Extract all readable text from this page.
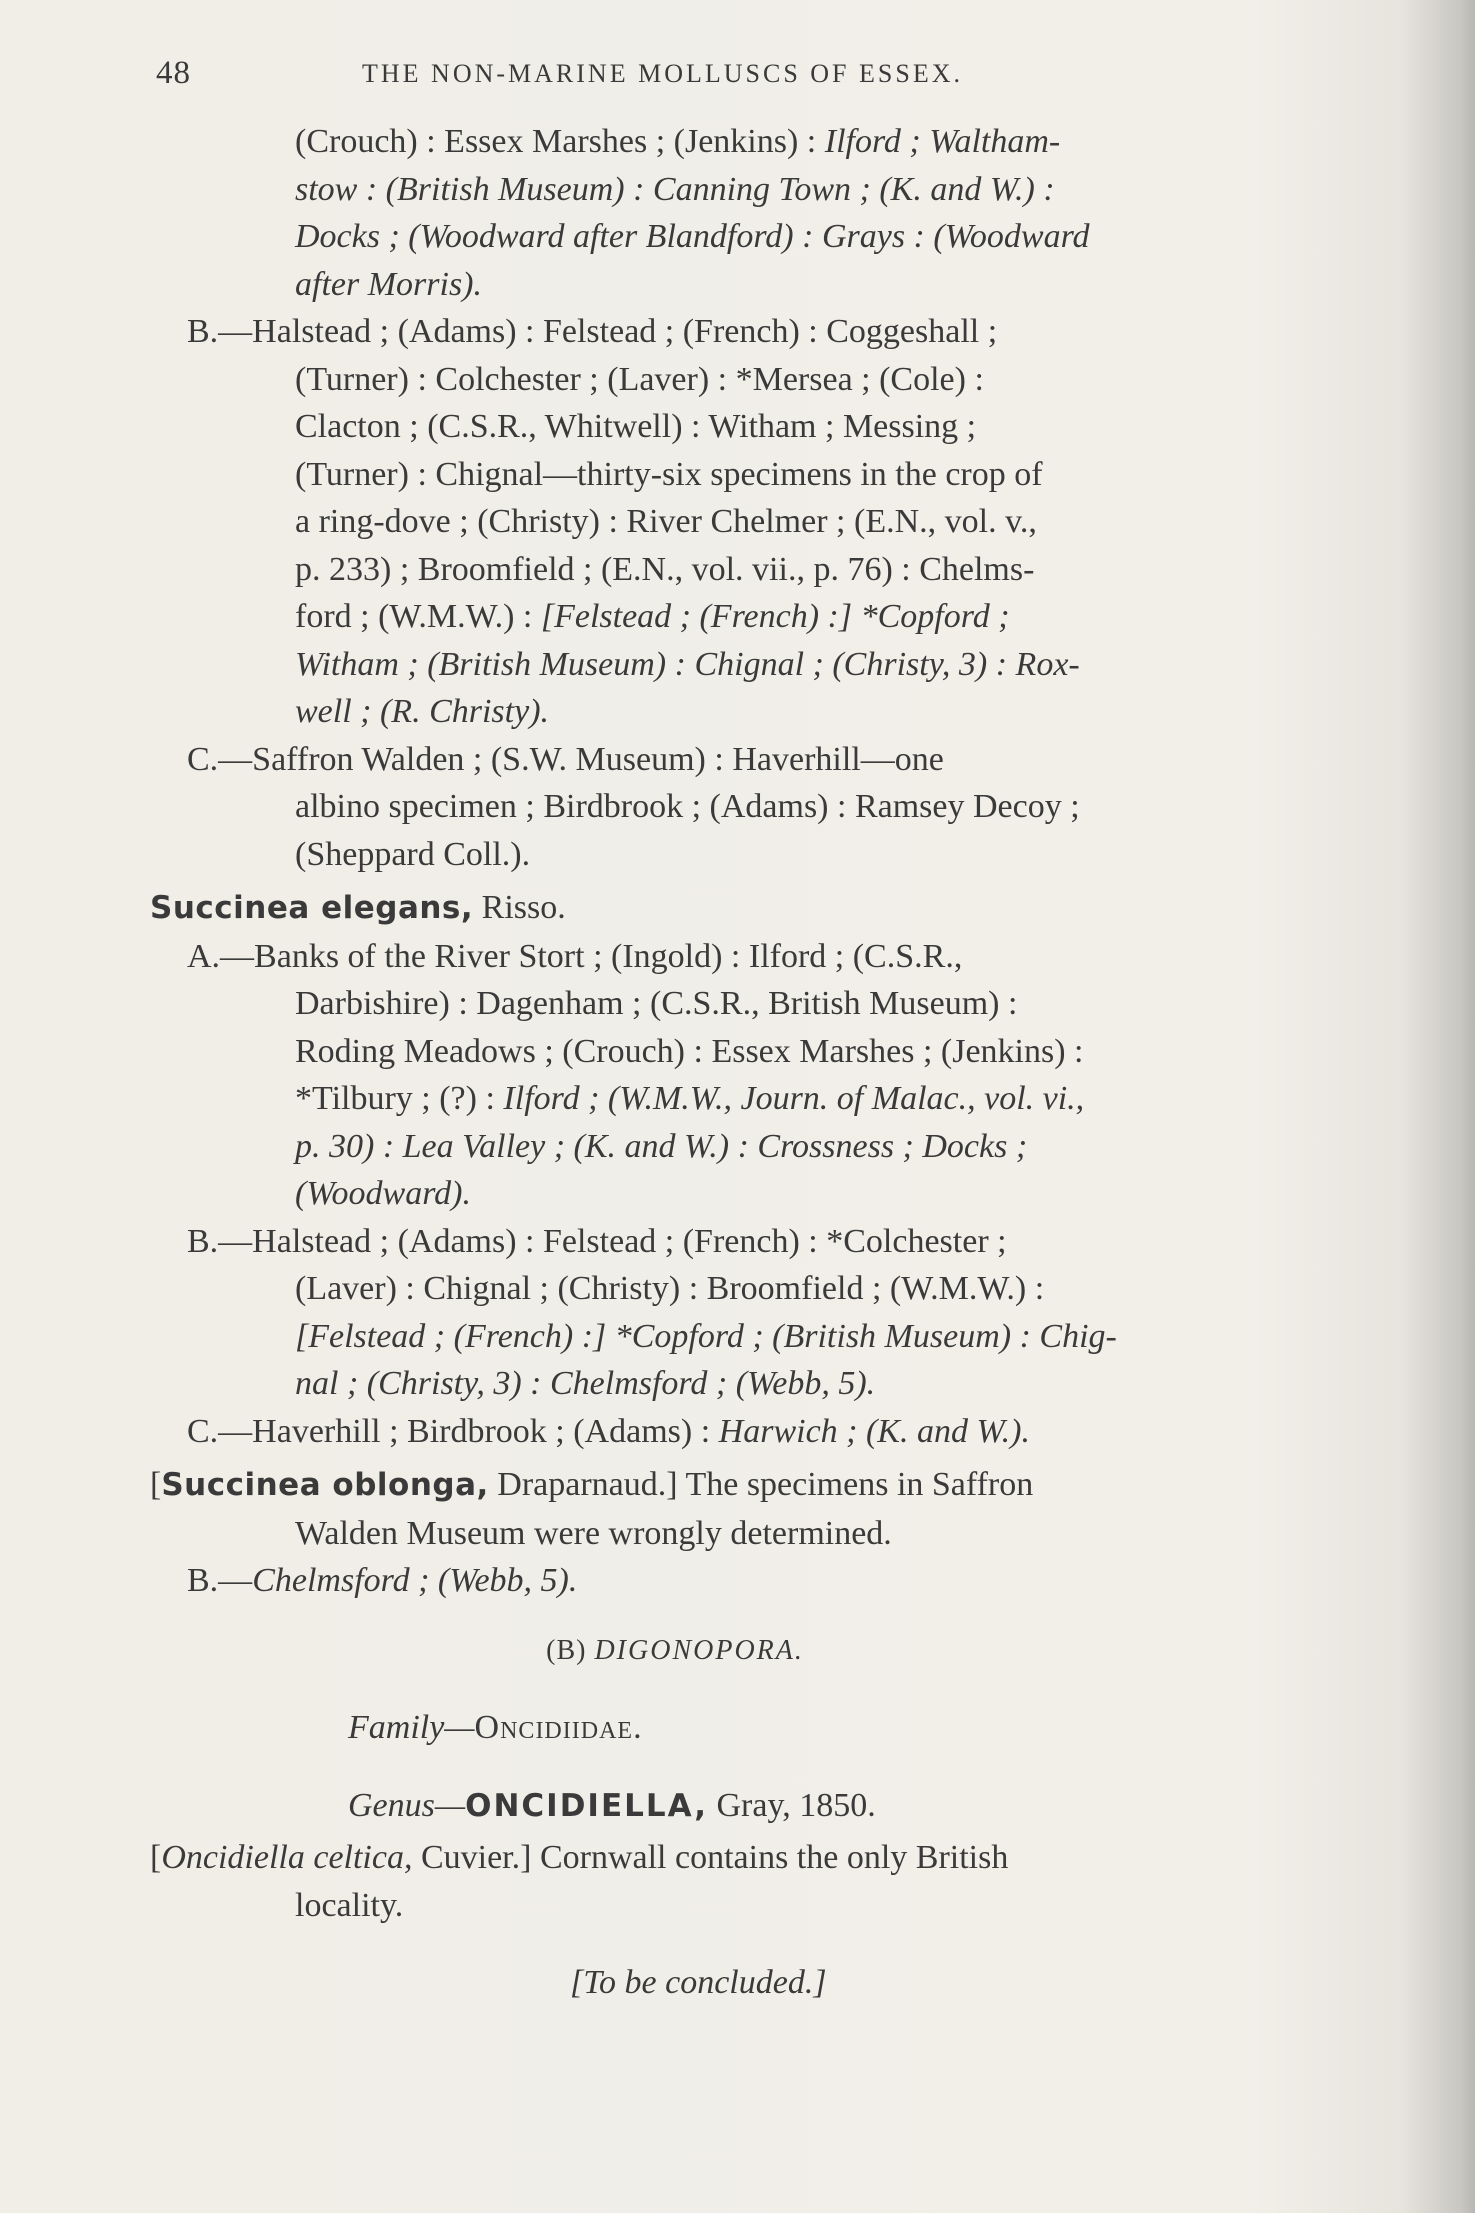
48	THE NON-MARINE MOLLUSCS OF ESSEX.
(Crouch) : Essex Marshes ; (Jenkins) : Ilford ; Waltham-
stow : (British Museum) : Canning Town ; (K. and W.) :
Docks ; (Woodward after Blandford) : Grays : (Woodward
after Morris).
B.—Halstead ; (Adams) : Felstead ; (French) : Coggeshall ;
(Turner) : Colchester ; (Laver) : *Mersea ; (Cole) :
Clacton ; (C.S.R., Whitwell) : Witham ; Messing ;
(Turner) : Chignal—thirty-six specimens in the crop of
a ring-dove ; (Christy) : River Chelmer ; (E.N., vol. v.,
p. 233) ; Broomfield ; (E.N., vol. vii., p. 76) : Chelms-
ford ; (W.M.W.) : [Felstead ; (French) :] *Copford ;
Witham ; (British Museum) : Chignal ; (Christy, 3) : Rox-
well ; (R. Christy).
C.—Saffron Walden ; (S.W. Museum) : Haverhill—one
albino specimen ; Birdbrook ; (Adams) : Ramsey Decoy ;
(Sheppard Coll.).
Succinea elegans, Risso.
A.—Banks of the River Stort ; (Ingold) : Ilford ; (C.S.R.,
Darbishire) : Dagenham ; (C.S.R., British Museum) :
Roding Meadows ; (Crouch) : Essex Marshes ; (Jenkins) :
*Tilbury ; (?) : Ilford ; (W.M.W., Journ. of Malac., vol. vi.,
p. 30) : Lea Valley ; (K. and W.) : Crossness ; Docks ;
(Woodward).
B.—Halstead ; (Adams) : Felstead ; (French) : *Colchester ;
(Laver) : Chignal ; (Christy) : Broomfield ; (W.M.W.) :
[Felstead ; (French) :] *Copford ; (British Museum) : Chig-
nal ; (Christy, 3) : Chelmsford ; (Webb, 5).
C.—Haverhill ; Birdbrook ; (Adams) : Harwich ; (K. and W.).
[Succinea oblonga, Draparnaud.] The specimens in Saffron
Walden Museum were wrongly determined.
B.—Chelmsford ; (Webb, 5).
(B) DIGONOPORA.
Family—Oncidiidae.
Genus—ONCIDIELLA, Gray, 1850.
[Oncidiella celtica, Cuvier.] Cornwall contains the only British
locality.
[To be concluded.]
